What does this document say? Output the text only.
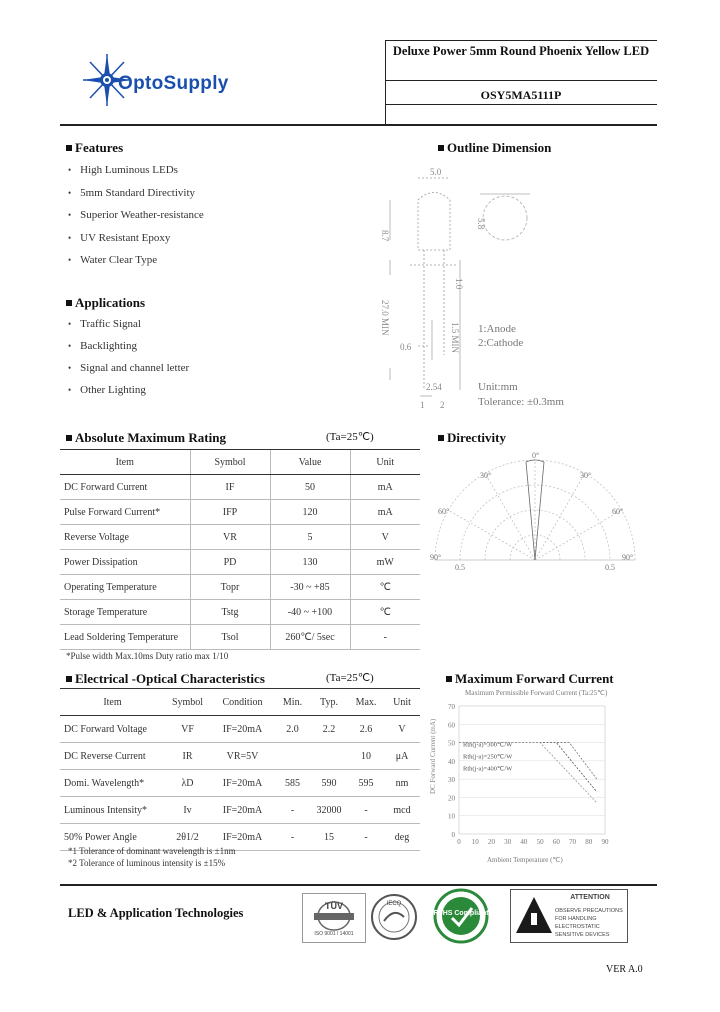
OptoSupply
Deluxe Power 5mm Round Phoenix Yellow LED
OSY5MA5111P
Features
• High Luminous LEDs
• 5mm Standard Directivity
• Superior Weather-resistance
• UV Resistant Epoxy
• Water Clear Type
Applications
• Traffic Signal
• Backlighting
• Signal and channel letter
• Other Lighting
Outline Dimension
5.0
5.8
8.7
1.0
27.0 MIN
1.5 MIN
0.6
2.54
1 2
1:Anode
2:Cathode
Unit:mm
Tolerance: ±0.3mm
Absolute Maximum Rating	(Ta=25℃)
Item	Symbol	Value	Unit
DC Forward Current	IF	50	mA
Pulse Forward Current*	IFP	120	mA
Reverse Voltage	VR	5	V
Power Dissipation	PD	130	mW
Operating Temperature	Topr	-30 ~ +85	℃
Storage Temperature	Tstg	-40 ~ +100	℃
Lead Soldering Temperature	Tsol	260℃/ 5sec	-
*Pulse width Max.10ms Duty ratio max 1/10
Directivity
0°
30°	30°
60°	60°
90°	90°
0.5	0.5
Electrical -Optical Characteristics	(Ta=25℃)
Item	Symbol	Condition	Min.	Typ.	Max.	Unit
DC Forward Voltage	VF	IF=20mA	2.0	2.2	2.6	V
DC Reverse Current	IR	VR=5V			10	μA
Domi. Wavelength*	λD	IF=20mA	585	590	595	nm
Luminous Intensity*	Iv	IF=20mA	-	32000	-	mcd
50% Power Angle	2θ1/2	IF=20mA	-	15	-	deg
*1 Tolerance of dominant wavelength is ±1nm
*2 Tolerance of luminous intensity is ±15%
Maximum Forward Current
Maximum Permissible Forward Current (Ta:25℃)
DC Forward Current (mA)
Ambient Temperature (℃)
0
10
20
30
40
50
60
70
0 10 20 30 40 50 60 70 80 90
Rth(j-a)=300℃/W
Rth(j-a)=250℃/W
Rth(j-a)=400℃/W
LED & Application Technologies	TÜV
ISO 9001 / 14001
IECQ
RoHS Compliant
ATTENTION
OBSERVE PRECAUTIONS
FOR HANDLING
ELECTROSTATIC
SENSITIVE DEVICES
VER A.0
